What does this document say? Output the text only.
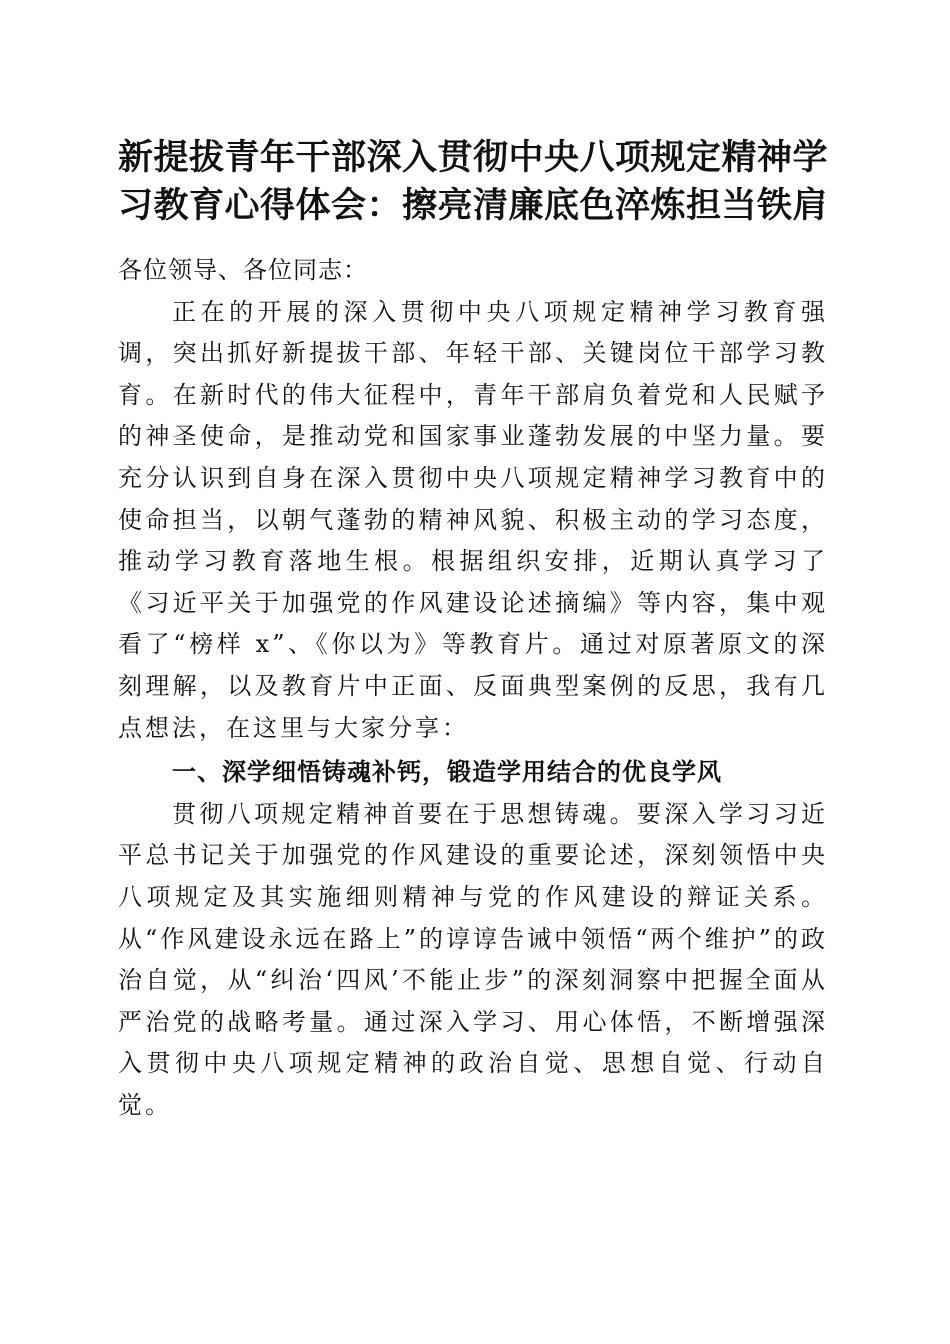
新提拔青年干部深入贯彻中央八项规定精神学
习教育心得体会：擦亮清廉底色淬炼担当铁肩

各位领导、各位同志：

正在的开展的深入贯彻中央八项规定精神学习教育强调，突出抓好新提拔干部、年轻干部、关键岗位干部学习教育。在新时代的伟大征程中，青年干部肩负着党和人民赋予的神圣使命，是推动党和国家事业蓬勃发展的中坚力量。要充分认识到自身在深入贯彻中央八项规定精神学习教育中的使命担当，以朝气蓬勃的精神风貌、积极主动的学习态度，推动学习教育落地生根。根据组织安排，近期认真学习了《习近平关于加强党的作风建设论述摘编》等内容，集中观看了“榜样 x”、《你以为》等教育片。通过对原著原文的深刻理解，以及教育片中正面、反面典型案例的反思，我有几点想法，在这里与大家分享：

一、深学细悟铸魂补钙，锻造学用结合的优良学风

贯彻八项规定精神首要在于思想铸魂。要深入学习习近平总书记关于加强党的作风建设的重要论述，深刻领悟中央八项规定及其实施细则精神与党的作风建设的辩证关系。从“作风建设永远在路上”的谆谆告诫中领悟“两个维护”的政治自觉，从“纠治‘四风’不能止步”的深刻洞察中把握全面从严治党的战略考量。通过深入学习、用心体悟，不断增强深入贯彻中央八项规定精神的政治自觉、思想自觉、行动自觉。
